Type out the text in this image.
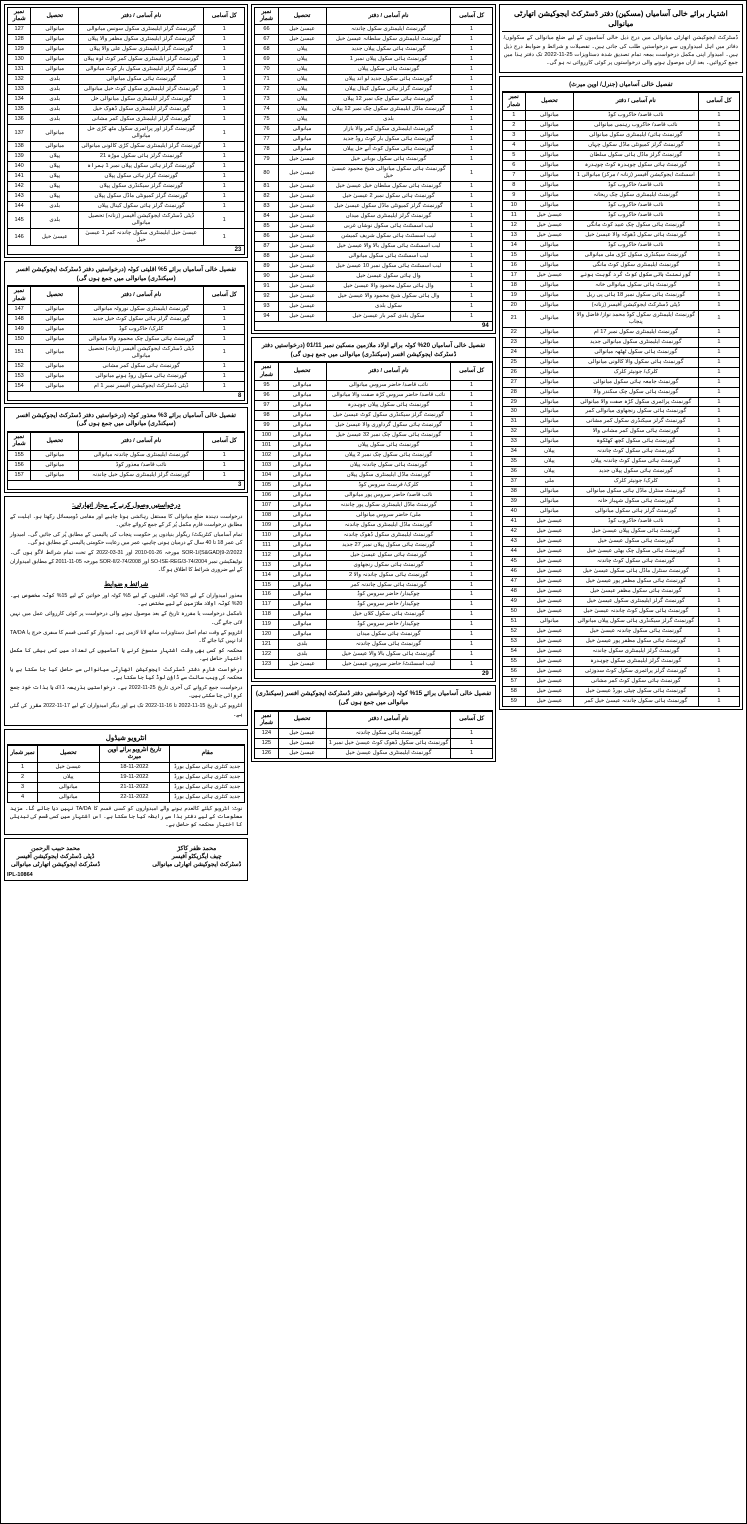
اشتہار برائے خالی آسامیاں (مسکین) دفتر ڈسٹرکٹ ایجوکیشن اتھارٹی میانوالی
ڈسٹرکٹ ایجوکیشن اتھارٹی میانوالی میں درج ذیل خالی آسامیوں کے لیے ضلع میانوالی کے سکولوں/ دفاتر میں اہل امیدواروں سے درخواستیں طلب کی جاتی ہیں۔ تفصیلات و شرائط و ضوابط درج ذیل ہیں۔ امیدوار اپنی مکمل درخواست بمعہ تمام تصدیق شدہ دستاویزات 25-11-2022 تک دفتر ہذا میں جمع کروائیں۔ بعد ازاں موصول ہونے والی درخواستوں پر کوئی کارروائی نہ ہو گی۔
تفصیل خالی آسامیاں (جنرل/ اوپن میرٹ)
کل آسامی	نام آسامی / دفتر	تحصیل	نمبر شمار
1	نائب قاصد/ خاکروب کوڈ	میانوالی	1
1	نائب قاصد/ خاکروب رہنمی میانوالی	میانوالی	2
1	گورنمنٹ ہائی/ ایلیمنٹری سکول میانوالی	میانوالی	3
1	گورنمنٹ گرلز کمیونٹی ماڈل سکول چہاں	میانوالی	4
1	گورنمنٹ گرلز ماڈل ہائی سکول سلطان	میانوالی	5
1	گورنمنٹ ہائی سکول چوہدرہ کوٹ چوہدرہ	میانوالی	6
1	اسسٹنٹ ایجوکیشن آفیسر (زنانہ / مرکز) میانوالی 1	میانوالی	7
1	نائب قاصد/ خاکروب کوڈ	میانوالی	8
1	گورنمنٹ ایلیمنٹری سکول چک ریحانہ	میانوالی	9
1	نائب قاصد/ خاکروب کوڈ	میانوالی	10
1	نائب قاصد/ خاکروب کوڈ	عیسیٰ خیل	11
1	گورنمنٹ ہائی سکول چک عبید کوٹ مانگی	عیسیٰ خیل	12
1	گورنمنٹ ہائی سکول ڈھوکہ والا عیسیٰ خیل	عیسیٰ خیل	13
1	نائب قاصد/ خاکروب کوڈ	میانوالی	14
1	گورنمنٹ سیکنڈری سکول کڑی ملی میانوالی	میانوالی	15
1	گورنمنٹ ایلیمنٹری سکول کوٹ مانگی	میانوالی	16
1	گورنمنٹ ہائی سکول کوٹ گرد گوہت ہونے	عیسیٰ خیل	17
1	گورنمنٹ ہائی سکول میانوالی خانہ	میانوالی	18
1	گورنمنٹ ہائی سکول نمبر 18 ہائی پی ریل	میانوالی	19
1	ڈپٹی ڈسٹرکٹ ایجوکیشن آفیسر (زنانہ)	میانوالی	20
1	گورنمنٹ ایلیمنٹری سکول کوڈ محمد نواز/ فاضل والا پنجاب	میانوالی	21
1	گورنمنٹ ایلیمنٹری سکول نمبر 17 ام	میانوالی	22
1	گورنمنٹ ایلیمنٹری سکول میانوالی جدید	میانوالی	23
1	گورنمنٹ ہائی سکول ٹھٹھہ میانوالی	میانوالی	24
1	گورنمنٹ ہائی سکول والا کالونی میانوالی	میانوالی	25
1	کلرک/ جونیئر کلرک	میانوالی	26
1	گورنمنٹ جامعہ ہائی سکول میانوالی	میانوالی	27
1	گورنمنٹ ہائی سکول چک سکندر والا	میانوالی	28
1	گورنمنٹ پرائمری سکول کڑہ صفت والا میانوالی	میانوالی	29
1	گورنمنٹ ہائی سکول رنجھاوی میانوالی کمر	میانوالی	30
1	گورنمنٹ گرلز سیکنڈری سکول کمر مشانی	میانوالی	31
1	گورنمنٹ ہائی سکول کمر مشانی والا	میانوالی	32
1	گورنمنٹ ہائی سکول کچھ کھٹکوہ	میانوالی	33
1	گورنمنٹ ہائی سکول کوٹ چاندنہ	پپلاں	34
1	گورنمنٹ ہائی سکول کوٹ چاندنہ پپلاں	پپلاں	35
1	گورنمنٹ ہائی سکول پپلاں جدید	پپلاں	36
1	کلرک/ جونیئر کلرک	ملی	37
1	گورنمنٹ سنٹرل ماڈل ہائی سکول میانوالی	میانوالی	38
1	گورنمنٹ ہائی سکول شہباز خانہ	میانوالی	39
1	گورنمنٹ گرلز ہائی سکول میانوالی	میانوالی	40
1	نائب قاصد/ خاکروب کوڈ	عیسیٰ خیل	41
1	گورنمنٹ ہائی سکول پپلاں عیسیٰ خیل	عیسیٰ خیل	42
1	گورنمنٹ ہائی سکول عیسیٰ خیل	عیسیٰ خیل	43
1	گورنمنٹ ہائی سکول چک بھٹی عیسیٰ خیل	عیسیٰ خیل	44
1	گورنمنٹ ہائی سکول کوٹ چاندنہ	عیسیٰ خیل	45
1	گورنمنٹ سنٹرل ماڈل ہائی سکول عیسیٰ خیل	عیسیٰ خیل	46
1	گورنمنٹ ہائی سکول مظفر پور عیسیٰ خیل	عیسیٰ خیل	47
1	گورنمنٹ ہائی سکول مظفر عیسیٰ خیل	عیسیٰ خیل	48
1	گورنمنٹ گرلز ایلیمنٹری سکول عیسیٰ خیل	عیسیٰ خیل	49
1	گورنمنٹ ہائی سکول کوٹ چاندنہ عیسیٰ خیل	عیسیٰ خیل	50
1	گورنمنٹ گرلز سیکنڈری ہائی سکول پپلاں میانوالی	میانوالی	51
1	گورنمنٹ ہائی سکول چاندنہ عیسیٰ خیل	عیسیٰ خیل	52
1	گورنمنٹ ہائی سکول مظفر پور عیسیٰ خیل	عیسیٰ خیل	53
1	گورنمنٹ گرلز ایلیمنٹری سکول چاندنہ	عیسیٰ خیل	54
1	گورنمنٹ گرلز ایلیمنٹری سکول چوہدرہ	عیسیٰ خیل	55
1	گورنمنٹ گرلز پرائمری سکول کوٹ سدوزئی	عیسیٰ خیل	56
1	گورنمنٹ ہائی سکول کوٹ کمر مشانی	عیسیٰ خیل	57
1	گورنمنٹ ہائی سکول چپٹی بورڈ عیسیٰ خیل	عیسیٰ خیل	58
1	گورنمنٹ ہائی سکول چاندنہ عیسیٰ خیل کمر	عیسیٰ خیل	59
کل آسامی	نام آسامی / دفتر	تحصیل	نمبر شمار
1	گورنمنٹ ایلیمنٹری سکول چاندنہ	عیسیٰ خیل	66
1	گورنمنٹ ایلیمنٹری سکول سلطانہ عیسیٰ خیل	عیسیٰ خیل	67
1	گورنمنٹ ہائی سکول پپلاں جدید	پپلاں	68
1	گورنمنٹ ہائی سکول پپلاں نمبر 1	پپلاں	69
1	گورنمنٹ ہائی سکول پپلاں	پپلاں	70
1	گورنمنٹ ہائی سکول جدید لو اند پپلاں	پپلاں	71
1	گورنمنٹ گرلز ہائی سکول کینال پپلاں	پپلاں	72
1	گورنمنٹ ہائی سکول چک نمبر 12 پپلاں	پپلاں	73
1	گورنمنٹ ماڈل ایلیمنٹری سکول چک نمبر 12 پپلاں	پپلاں	74
1	بلدی	پپلاں	75
1	گورنمنٹ ایلیمنٹری سکول کمر والا بازار	میانوالی	76
1	گورنمنٹ ہائی سکول بار کوٹ روڈ جدید	میانوالی	77
1	گورنمنٹ ہائی سکول کوٹ آنے خل پپلاں	میانوالی	78
1	گورنمنٹ ہائی سکول بوبانی خیل	عیسیٰ خیل	79
1	گورنمنٹ ہائی سکول میانوالی شیخ محمود عیسیٰ خیل	عیسیٰ خیل	80
1	گورنمنٹ ہائی سکول سلطان خیل عیسیٰ خیل	عیسیٰ خیل	81
1	گورنمنٹ ہائی سکول نمبر 2 عیسیٰ خیل	عیسیٰ خیل	82
1	گورنمنٹ گرلز کمیونٹی ماڈل سکول عیسیٰ خیل	عیسیٰ خیل	83
1	گورنمنٹ گرلز ایلیمنٹری سکول میداں	عیسیٰ خیل	84
1	لیب اسسٹنٹ ہائی سکول نوشاں غربی	عیسیٰ خیل	85
1	لیب اسسٹنٹ ہائی سکول شریف کمیشن	عیسیٰ خیل	86
1	لیب اسسٹنٹ ہائی سکول بالا والا عیسیٰ خیل	عیسیٰ خیل	87
1	لیب اسسٹنٹ ہائی سکول میانوالی	عیسیٰ خیل	88
1	لیب اسسٹنٹ ہائی سکول نمبر 10 عیسیٰ خیل	عیسیٰ خیل	89
1	وال ہائی سکول عیسیٰ خیل	عیسیٰ خیل	90
1	وال ہائی سکول محمود والا عیسیٰ خیل	عیسیٰ خیل	91
1	وال ہائی سکول شیخ محمود والا عیسیٰ خیل	عیسیٰ خیل	92
1	سکول بلدی	عیسیٰ خیل	93
1	سکول بلدی کمر بار عیسیٰ خیل	عیسیٰ خیل	94
94
تفصیل خالی آسامیاں 20% کوٹہ برائے اولاد ملازمین مسکین نمبر 01/11 (درخواستیں دفتر ڈسٹرکٹ ایجوکیشن افسر (سیکنڈری) میانوالی میں جمع ہوں گی)
کل آسامی	نام آسامی / دفتر	تحصیل	نمبر شمار
1	نائب قاصد/ حاضر سروس میانوالی	میانوالی	95
1	نائب قاصد/ حاضر سروس کڑہ صفت والا میانوالی	میانوالی	96
1	گورنمنٹ ہائی سکول پپلاں چوہدرہ	میانوالی	97
1	گورنمنٹ گرلز سیکنڈری سکول کوٹ عیسیٰ خیل	میانوالی	98
1	گورنمنٹ ہائی سکول گرداوری والا عیسیٰ خیل	میانوالی	99
1	گورنمنٹ ہائی سکول چک نمبر 32 عیسیٰ خیل	میانوالی	100
1	گورنمنٹ ہائی سکول پپلاں	میانوالی	101
1	گورنمنٹ ہائی سکول چک نمبر 2 پپلاں	میانوالی	102
1	گورنمنٹ ہائی سکول چاندنہ پپلاں	میانوالی	103
1	گورنمنٹ ماڈل ایلیمنٹری سکول پپلاں	میانوالی	104
1	کلرک/ فرسٹ سروس کوڈ	میانوالی	105
1	نائب قاصد/ حاضر سروس پور میانوالی	میانوالی	106
1	گورنمنٹ ماڈل ایلیمنٹری سکول پور چاندنہ	میانوالی	107
1	ملی/ حاضر سروس میانوالی	میانوالی	108
1	گورنمنٹ ماڈل ایلیمنٹری سکول چاندنہ	میانوالی	109
1	گورنمنٹ ایلیمنٹری سکول ڈھوک چاندنہ	میانوالی	110
1	گورنمنٹ ہائی سکول پپلاں نمبر 27 جدید	میانوالی	111
1	گورنمنٹ ہائی سکول عیسیٰ خیل	میانوالی	112
1	گورنمنٹ ہائی سکول رنجھاوی	میانوالی	113
1	گورنمنٹ ہائی سکول چاندنہ والا 2	میانوالی	114
1	گورنمنٹ ہائی سکول چاندنہ کمر	میانوالی	115
1	چوکیدار/ حاضر سروس کوڈ	میانوالی	116
1	چوکیدار/ حاضر سروس کوڈ	میانوالی	117
1	گورنمنٹ ہائی سکول کلاں خیل	میانوالی	118
1	چوکیدار/ حاضر سروس کوڈ	میانوالی	119
1	گورنمنٹ ہائی سکول میداں	میانوالی	120
1	گورنمنٹ ہائی سکول چاندنہ	بلدی	121
1	گورنمنٹ ہائی سکول بالا والا عیسیٰ خیل	بلدی	122
1	لیب اسسٹنٹ/ حاضر سروس عیسیٰ خیل	عیسیٰ خیل	123
29
تفصیل خالی آسامیاں برائے 15% کوٹہ (درخواستیں دفتر ڈسٹرکٹ ایجوکیشن افسر (سیکنڈری) میانوالی میں جمع ہوں گی)
کل آسامی	نام آسامی / دفتر	تحصیل	نمبر شمار
1	گورنمنٹ ہائی سکول چاندنہ	عیسیٰ خیل	124
1	گورنمنٹ ہائی سکول ڈھوک کوٹ عیسیٰ خیل نمبر 1	عیسیٰ خیل	125
1	گورنمنٹ ایلیمنٹری سکول عیسیٰ خیل	عیسیٰ خیل	126
کل آسامی	نام آسامی / دفتر	تحصیل	نمبر شمار
1	گورنمنٹ گرلز ایلیمنٹری سکول سونس میانوالی	میانوالی	127
1	گورنمنٹ گرلز ایلیمنٹری سکول مظفر والا پپلاں	میانوالی	128
1	گورنمنٹ گرلز ایلیمنٹری سکول علی والا پپلاں	میانوالی	129
1	گورنمنٹ گرلز ایلیمنٹری سکول کمر کوٹ لوہ پپلاں	میانوالی	130
1	گورنمنٹ گرلز ایلیمنٹری سکول بار کوٹ میانوالی	میانوالی	131
1	گورنمنٹ ہائی سکول میانوالی	بلدی	132
1	گورنمنٹ گرلز ایلیمنٹری سکول کوٹ خیل میانوالی	بلدی	133
1	گورنمنٹ گرلز ایلیمنٹری سکول میانوالی خل	بلدی	134
1	گورنمنٹ گرلز ایلیمنٹری سکول ڈھوک خیل	بلدی	135
1	گورنمنٹ گرلز ایلیمنٹری سکول کمر مشانی	بلدی	136
1	گورنمنٹ گرلز اور پرائمری سکول مٹھ کڑی خل میانوالی	میانوالی	137
1	گورنمنٹ گرلز ایلیمنٹری سکول کڑی کالونی میانوالی	میانوالی	138
1	گورنمنٹ گرلز ہائی سکول موڑہ 21	پپلاں	139
1	گورنمنٹ گرلز ہائی سکول پپلاں نمبر 1 ہمراہ	پپلاں	140
1	گورنمنٹ گرلز ہائی سکول پپلاں	پپلاں	141
1	گورنمنٹ گرلز سیکنڈری سکول پپلاں	پپلاں	142
1	گورنمنٹ گرلز کمیونٹی ماڈل سکول پپلاں	پپلاں	143
1	گورنمنٹ گرلز ہائی سکول کینال پپلاں	بلدی	144
1	ڈپٹی ڈسٹرکٹ ایجوکیشن آفیسر (زنانہ) تحصیل میانوالی	بلدی	145
1	عیسیٰ خیل ایلیمنٹری سکول چاندنہ کمر 1 عیسیٰ خیل	عیسیٰ خیل	146
23
تفصیل خالی آسامیاں برائے 5% اقلیتی کوٹہ (درخواستیں دفتر ڈسٹرکٹ ایجوکیشن افسر (سیکنڈری) میانوالی میں جمع ہوں گی)
کل آسامی	نام آسامی / دفتر	تحصیل	نمبر شمار
1	گورنمنٹ ایلیمنٹری سکول نوروٹہ میانوالی	میانوالی	147
1	گورنمنٹ گرلز ہائی سکول کوٹ خیل جدید	میانوالی	148
1	کلرک/ خاکروب کوڈ	میانوالی	149
1	گورنمنٹ ہائی سکول چک محمود والا میانوالی	میانوالی	150
1	ڈپٹی ڈسٹرکٹ ایجوکیشن آفیسر (زنانہ) تحصیل میانوالی	میانوالی	151
1	گورنمنٹ ہائی سکول کمر مشانی	میانوالی	152
1	گورنمنٹ ہائی سکول روڈ ہونے میانوالی	میانوالی	153
1	ڈپٹی ڈسٹرکٹ ایجوکیشن آفیسر نمبر 1 ام	میانوالی	154
8
تفصیل خالی آسامیاں برائے 3% معذور کوٹہ (درخواستیں دفتر ڈسٹرکٹ ایجوکیشن افسر (سیکنڈری) میانوالی میں جمع ہوں گی)
کل آسامی	نام آسامی / دفتر	تحصیل	نمبر شمار
1	گورنمنٹ ایلیمنٹری سکول چاندنہ میانوالی	میانوالی	155
1	نائب قاصد/ معذور کوڈ	میانوالی	156
1	گورنمنٹ گرلز ایلیمنٹری سکول خیل چاندنہ	میانوالی	157
3
درخواستیں وصول کرنے کے مجاز اتھارٹی:

درخواست دہندہ ضلع میانوالی کا مستقل رہائشی ہونا چاہیے اور مقامی ڈومیسائل رکھتا ہو۔ اہلیت کے مطابق درخواست فارم مکمل پُر کر کے جمع کروائے جائیں۔

تمام آسامیاں کنٹریکٹ/ ریگولر بنیادوں پر حکومت پنجاب کی پالیسی کے مطابق پُر کی جائیں گی۔ امیدوار کی عمر 18 تا 40 سال کے درمیان ہونی چاہیے، عمر میں رعایت حکومتی پالیسی کے مطابق ہو گی۔

SOR-1/(S&GAD)9-2/2022 مورخہ 26-01-2010 اور 31-03-2022 کے تحت تمام شرائط لاگو ہوں گی۔ نوٹیفکیشن نمبر SO-ISE-REG/3-74/2004 اور SOR-II/2-74/2008 مورخہ 05-11-2011 کے مطابق امیدواران کے لیے ضروری شرائط کا اطلاق ہو گا۔

شرائط و ضوابط

معذور امیدواران کے لیے 3% کوٹہ، اقلیتوں کے لیے 5% کوٹہ اور خواتین کے لیے 15% کوٹہ مخصوص ہے۔ 20% کوٹہ اولاد ملازمین کے لیے مختص ہے۔

نامکمل درخواست یا مقررہ تاریخ کے بعد موصول ہونے والی درخواست پر کوئی کارروائی عمل میں نہیں لائی جائے گی۔

انٹرویو کے وقت تمام اصل دستاویزات ساتھ لانا لازمی ہے۔ امیدوار کو کسی قسم کا سفری خرچ یا TA/DA ادا نہیں کیا جائے گا۔

محکمہ کو کسی بھی وقت اشتہار منسوخ کرنے یا آسامیوں کی تعداد میں کمی بیشی کا مکمل اختیار حاصل ہے۔

درخواست فارم دفتر ڈسٹرکٹ ایجوکیشن اتھارٹی میانوالی سے حاصل کیا جا سکتا ہے یا محکمہ کی ویب سائٹ سے ڈاؤن لوڈ کیا جا سکتا ہے۔

درخواست جمع کروانے کی آخری تاریخ 25-11-2022 ہے۔ درخواستیں بذریعہ ڈاک یا بذات خود جمع کروائی جا سکتی ہیں۔

انٹرویو کی تاریخ 15-11-2022 تا 16-11-2022 تک ہے اور دیگر امیدواران کے لیے 17-11-2022 مقرر کی گئی ہے۔

انٹرویو شیڈول
مقام	تاریخ انٹرویو برائے اوپن میرٹ	تحصیل	نمبر شمار
جدید کنٹری ہائی سکول بورڈ	18-11-2022	عیسیٰ خیل	1
جدید کنٹری ہائی سکول بورڈ	19-11-2022	پپلاں	2
جدید کنٹری ہائی سکول بورڈ	21-11-2022	میانوالی	3
جدید کنٹری ہائی سکول بورڈ	22-11-2022	میانوالی	4
نوٹ: انٹرویو کیلئے کالعدم ہونے والے امیدواروں کو کسی قسم کا TA/DA نہیں دیا جائے گا۔ مزید معلومات کے لیے دفتر ہذا سے رابطہ کیا جا سکتا ہے۔ اس اشتہار میں کسی قسم کی تبدیلی کا اختیار محکمہ کو حاصل ہے۔
محمد ظفر کاکڑ
چیف ایگزیکٹو آفیسر
ڈسٹرکٹ ایجوکیشن اتھارٹی میانوالی
محمد حبیب الرحمن
ڈپٹی ڈسٹرکٹ ایجوکیشن آفیسر
ڈسٹرکٹ ایجوکیشن اتھارٹی میانوالی
IPL-10864
